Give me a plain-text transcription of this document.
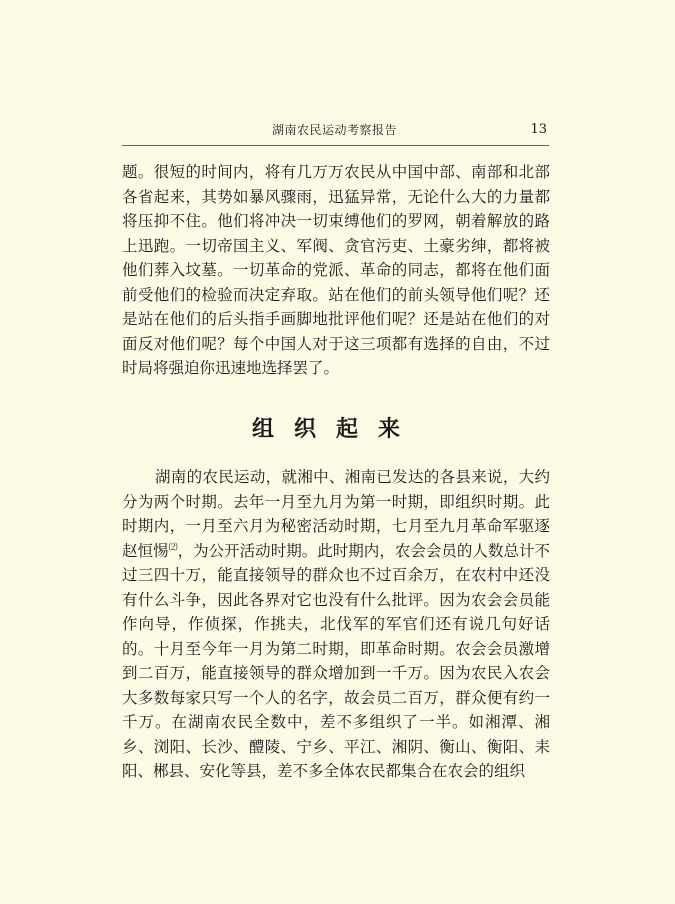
湖南农民运动考察报告	13

题。很短的时间内，将有几万万农民从中国中部、南部和北部各省起来，其势如暴风骤雨，迅猛异常，无论什么大的力量都将压抑不住。他们将冲决一切束缚他们的罗网，朝着解放的路上迅跑。一切帝国主义、军阀、贪官污吏、土豪劣绅，都将被他们葬入坟墓。一切革命的党派、革命的同志，都将在他们面前受他们的检验而决定弃取。站在他们的前头领导他们呢？还是站在他们的后头指手画脚地批评他们呢？还是站在他们的对面反对他们呢？每个中国人对于这三项都有选择的自由，不过时局将强迫你迅速地选择罢了。

组织起来

湖南的农民运动，就湘中、湘南已发达的各县来说，大约分为两个时期。去年一月至九月为第一时期，即组织时期。此时期内，一月至六月为秘密活动时期，七月至九月革命军驱逐赵恒惕⑵，为公开活动时期。此时期内，农会会员的人数总计不过三四十万，能直接领导的群众也不过百余万，在农村中还没有什么斗争，因此各界对它也没有什么批评。因为农会会员能作向导，作侦探，作挑夫，北伐军的军官们还有说几句好话的。十月至今年一月为第二时期，即革命时期。农会会员激增到二百万，能直接领导的群众增加到一千万。因为农民入农会大多数每家只写一个人的名字，故会员二百万，群众便有约一千万。在湖南农民全数中，差不多组织了一半。如湘潭、湘乡、浏阳、长沙、醴陵、宁乡、平江、湘阴、衡山、衡阳、耒阳、郴县、安化等县，差不多全体农民都集合在农会的组织
